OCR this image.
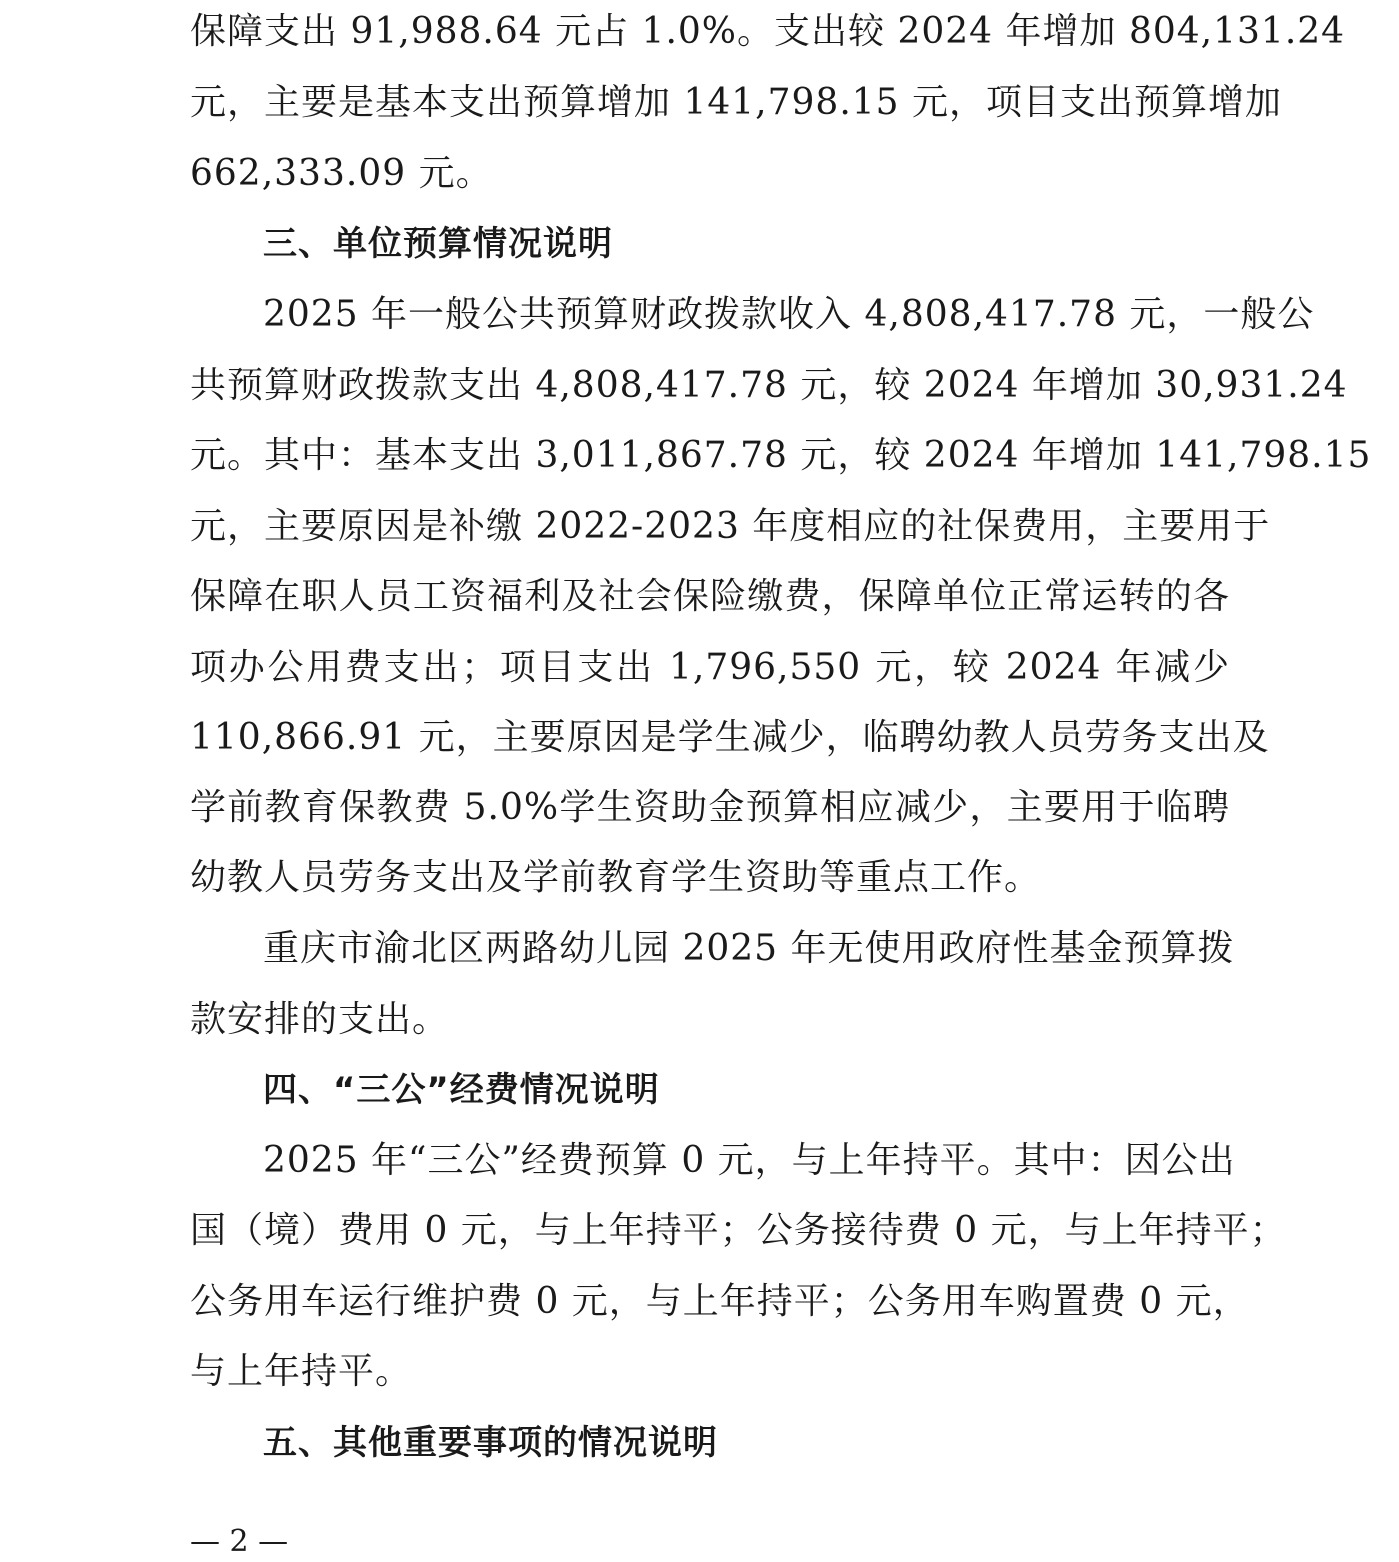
保障支出 91,988.64 元占 1.0%。支出较 2024 年增加 804,131.24
元，主要是基本支出预算增加 141,798.15 元，项目支出预算增加
662,333.09 元。
三、单位预算情况说明
2025 年一般公共预算财政拨款收入 4,808,417.78 元，一般公
共预算财政拨款支出 4,808,417.78 元，较 2024 年增加 30,931.24
元。其中：基本支出 3,011,867.78 元，较 2024 年增加 141,798.15
元，主要原因是补缴 2022-2023 年度相应的社保费用，主要用于
保障在职人员工资福利及社会保险缴费，保障单位正常运转的各
项办公用费支出；项目支出 1,796,550 元，较 2024 年减少
110,866.91 元，主要原因是学生减少，临聘幼教人员劳务支出及
学前教育保教费 5.0%学生资助金预算相应减少，主要用于临聘
幼教人员劳务支出及学前教育学生资助等重点工作。
重庆市渝北区两路幼儿园 2025 年无使用政府性基金预算拨
款安排的支出。
四、“三公”经费情况说明
2025 年“三公”经费预算 0 元，与上年持平。其中：因公出
国（境）费用 0 元，与上年持平；公务接待费 0 元，与上年持平；
公务用车运行维护费 0 元，与上年持平；公务用车购置费 0 元，
与上年持平。
五、其他重要事项的情况说明
— 2 —
